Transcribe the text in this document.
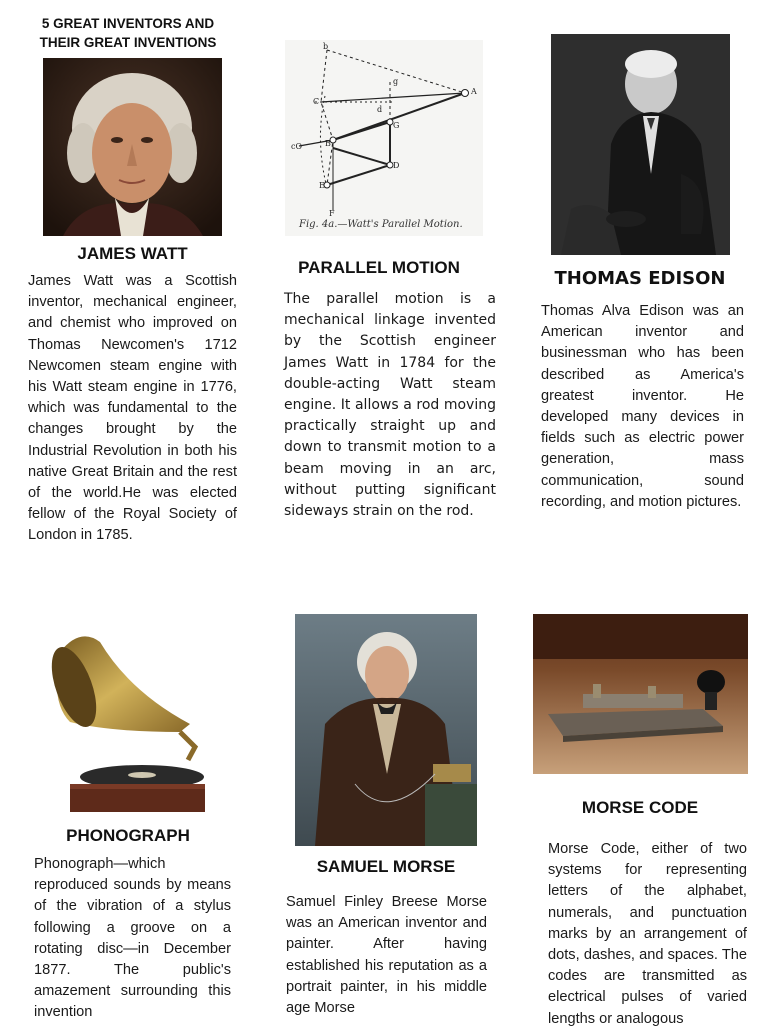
5 GREAT INVENTORS AND THEIR GREAT INVENTIONS
JAMES WATT
James Watt was a Scottish inventor, mechanical engineer, and chemist who improved on Thomas Newcomen's 1712 Newcomen steam engine with his Watt steam engine in 1776, which was fundamental to the changes brought by the Industrial Revolution in both his native Great Britain and the rest of the world.He was elected fellow of the Royal Society of London in 1785.
b
A
C
g
d
G
cO	B
D
E
F
Fig. 4a.—Watt's Parallel Motion.
PARALLEL MOTION
The parallel motion is a mechanical linkage invented by the Scottish engineer James Watt in 1784 for the double-acting Watt steam engine. It allows a rod moving practically straight up and down to transmit motion to a beam moving in an arc, without putting significant sideways strain on the rod.
THOMAS EDISON
Thomas Alva Edison was an American inventor and businessman who has been described as America's greatest inventor. He developed many devices in fields such as electric power generation, mass communication, sound recording, and motion pictures.
PHONOGRAPH
Phonograph—which reproduced sounds by means of the vibration of a stylus following a groove on a rotating disc—in December 1877. The public's amazement surrounding this invention
SAMUEL MORSE
Samuel Finley Breese Morse was an American inventor and painter. After having established his reputation as a portrait painter, in his middle age Morse
MORSE CODE
Morse Code, either of two systems for representing letters of the alphabet, numerals, and punctuation marks by an arrangement of dots, dashes, and spaces. The codes are transmitted as electrical pulses of varied lengths or analogous
